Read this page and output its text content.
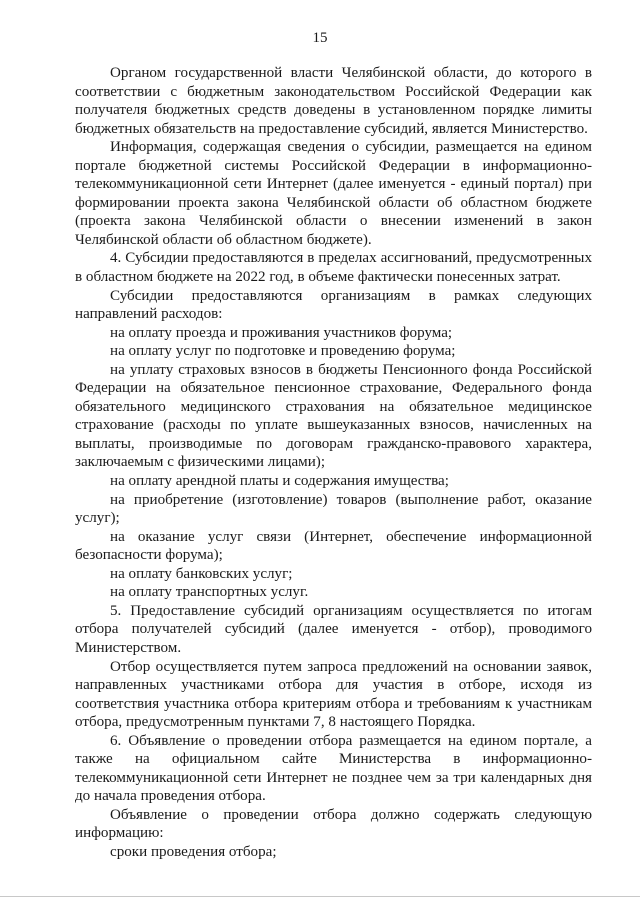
15

Органом государственной власти Челябинской области, до которого в соответствии с бюджетным законодательством Российской Федерации как получателя бюджетных средств доведены в установленном порядке лимиты бюджетных обязательств на предоставление субсидий, является Министерство.

Информация, содержащая сведения о субсидии, размещается на едином портале бюджетной системы Российской Федерации в информационно-телекоммуникационной сети Интернет (далее именуется - единый портал) при формировании проекта закона Челябинской области об областном бюджете (проекта закона Челябинской области о внесении изменений в закон Челябинской области об областном бюджете).

4. Субсидии предоставляются в пределах ассигнований, предусмотренных в областном бюджете на 2022 год, в объеме фактически понесенных затрат.

Субсидии предоставляются организациям в рамках следующих направлений расходов:

на оплату проезда и проживания участников форума;

на оплату услуг по подготовке и проведению форума;

на уплату страховых взносов в бюджеты Пенсионного фонда Российской Федерации на обязательное пенсионное страхование, Федерального фонда обязательного медицинского страхования на обязательное медицинское страхование (расходы по уплате вышеуказанных взносов, начисленных на выплаты, производимые по договорам гражданско-правового характера, заключаемым с физическими лицами);

на оплату арендной платы и содержания имущества;

на приобретение (изготовление) товаров (выполнение работ, оказание услуг);

на оказание услуг связи (Интернет, обеспечение информационной безопасности форума);

на оплату банковских услуг;

на оплату транспортных услуг.

5. Предоставление субсидий организациям осуществляется по итогам отбора получателей субсидий (далее именуется - отбор), проводимого Министерством.

Отбор осуществляется путем запроса предложений на основании заявок, направленных участниками отбора для участия в отборе, исходя из соответствия участника отбора критериям отбора и требованиям к участникам отбора, предусмотренным пунктами 7, 8 настоящего Порядка.

6. Объявление о проведении отбора размещается на едином портале, а также на официальном сайте Министерства в информационно-телекоммуникационной сети Интернет не позднее чем за три календарных дня до начала проведения отбора.

Объявление о проведении отбора должно содержать следующую информацию:

сроки проведения отбора;
